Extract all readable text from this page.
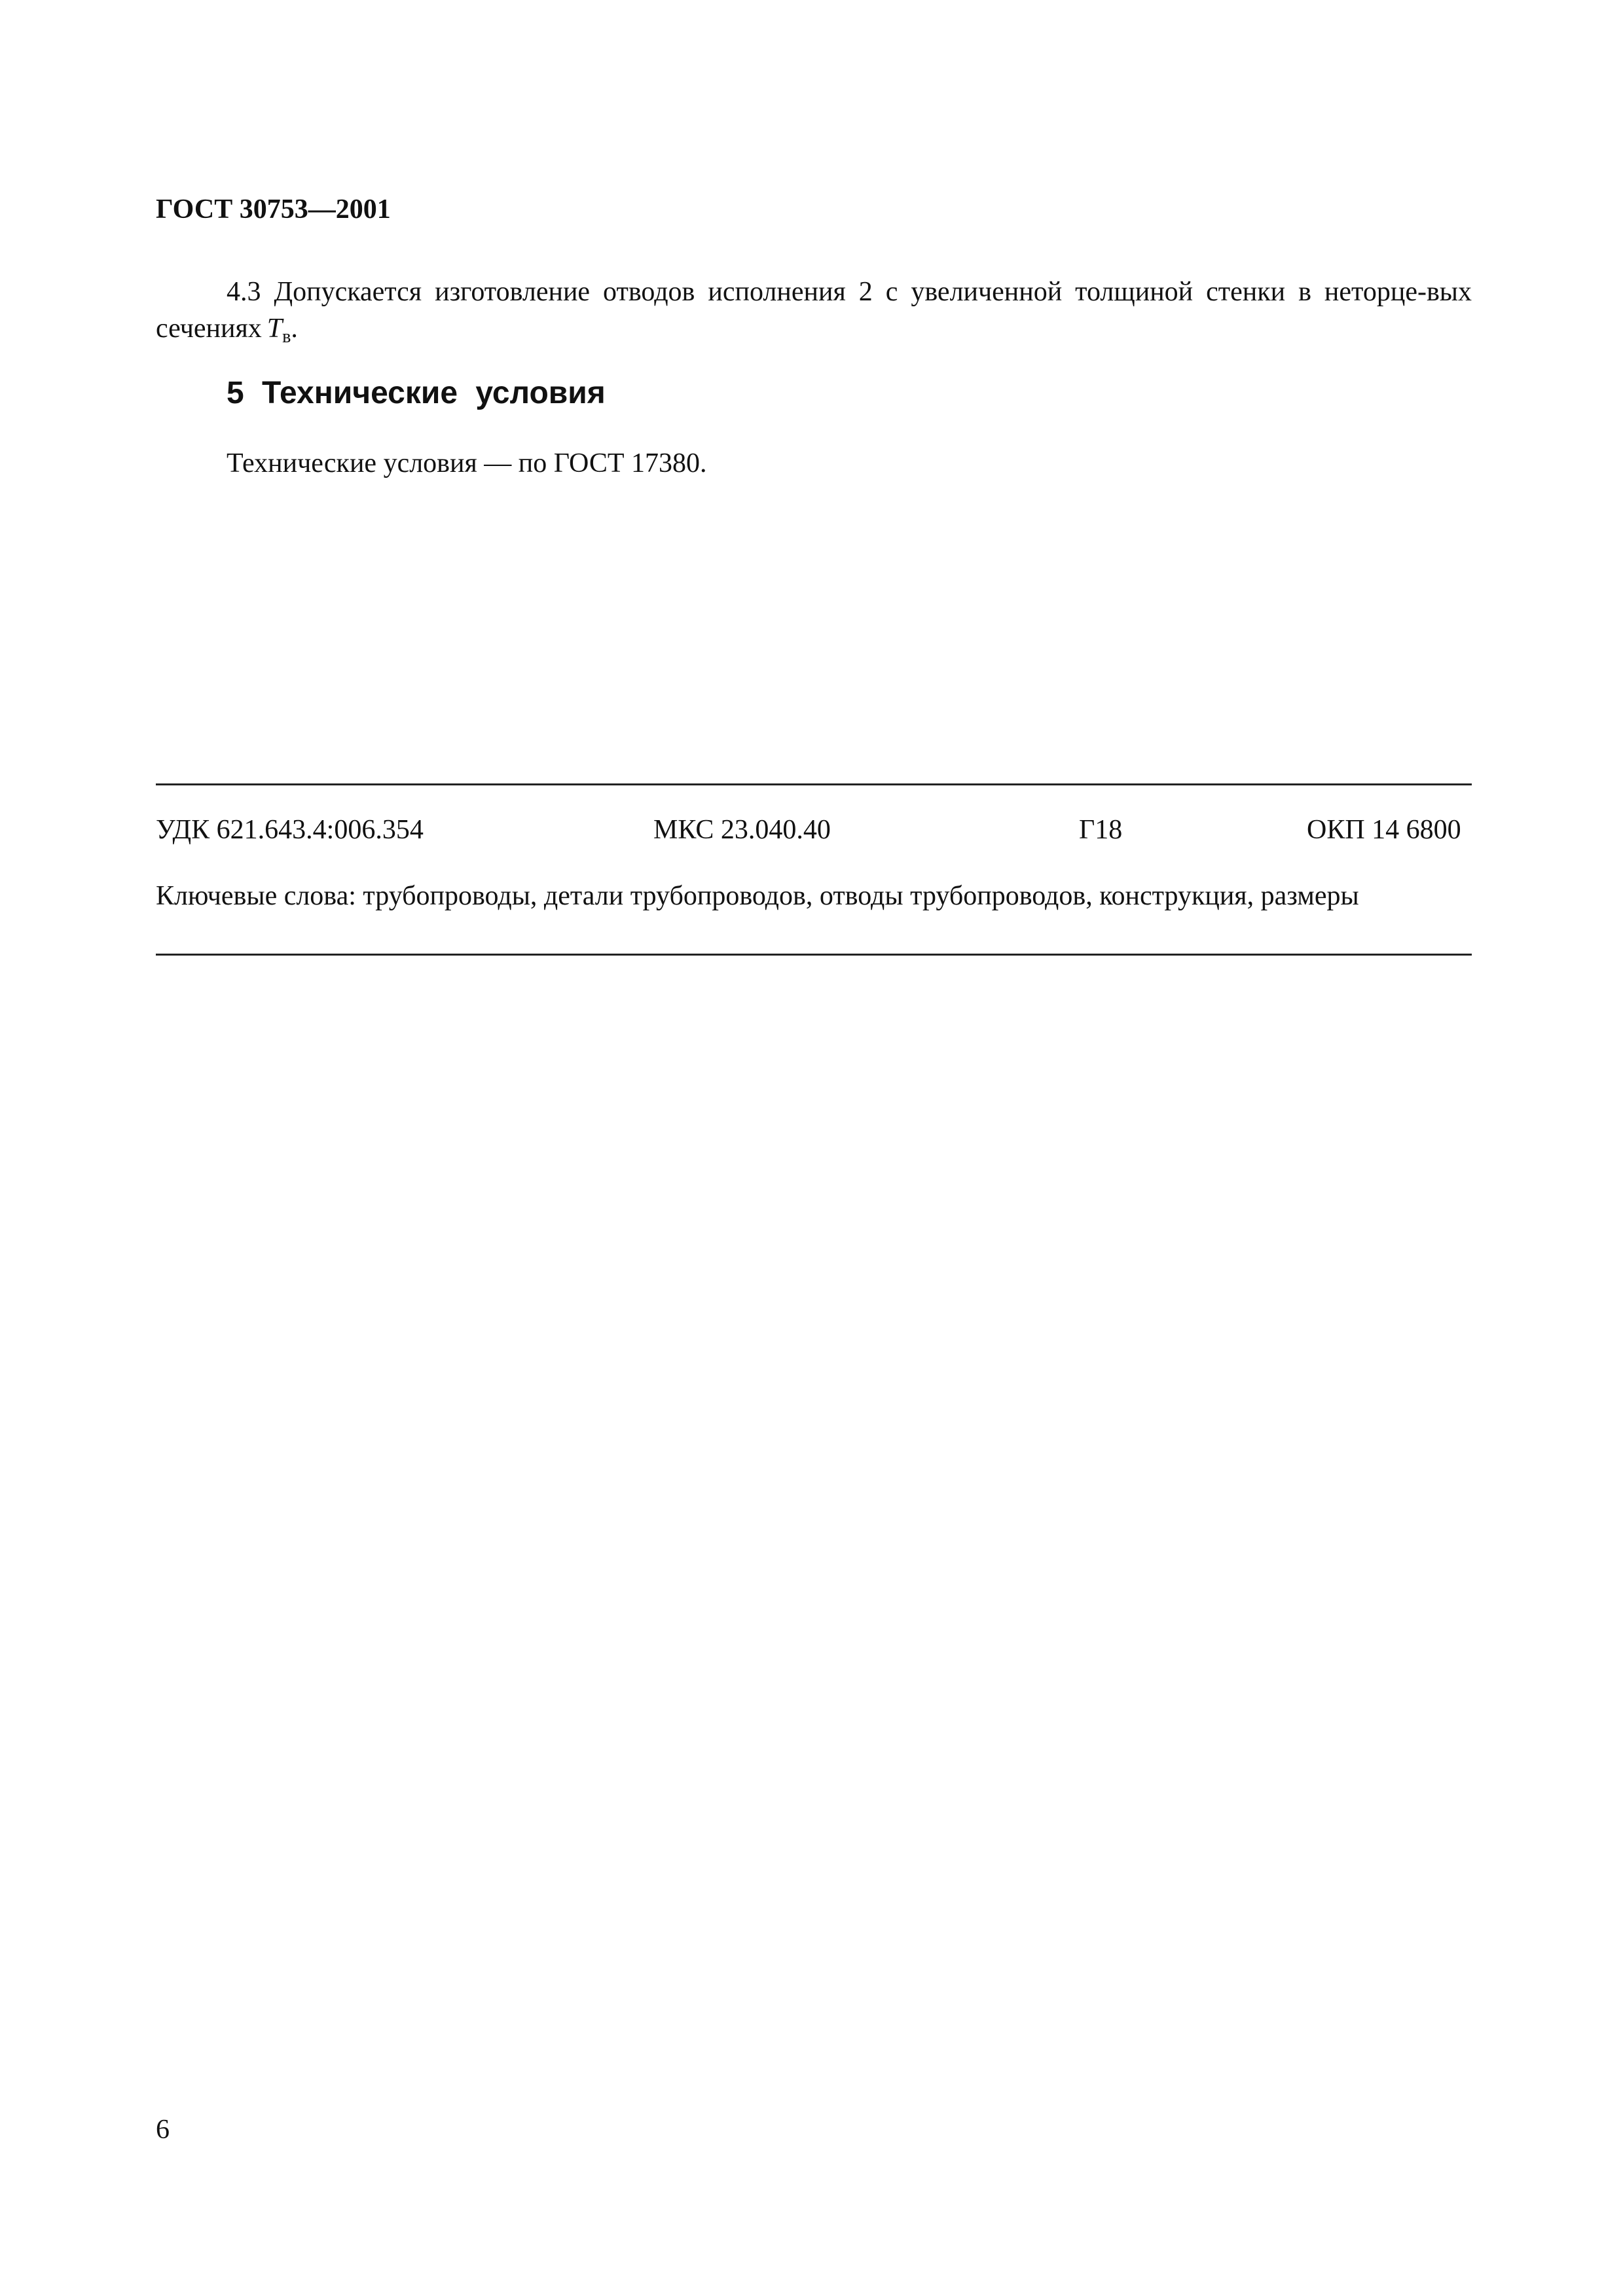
ГОСТ 30753—2001

4.3 Допускается изготовление отводов исполнения 2 с увеличенной толщиной стенки в неторце-вых сечениях $T_в$.

5 Технические условия
Технические условия — по ГОСТ 17380.
УДК 621.643.4:006.354	МКС 23.040.40	Г18	ОКП 14 6800
Ключевые слова: трубопроводы, детали трубопроводов, отводы трубопроводов, конструкция, размеры
6
